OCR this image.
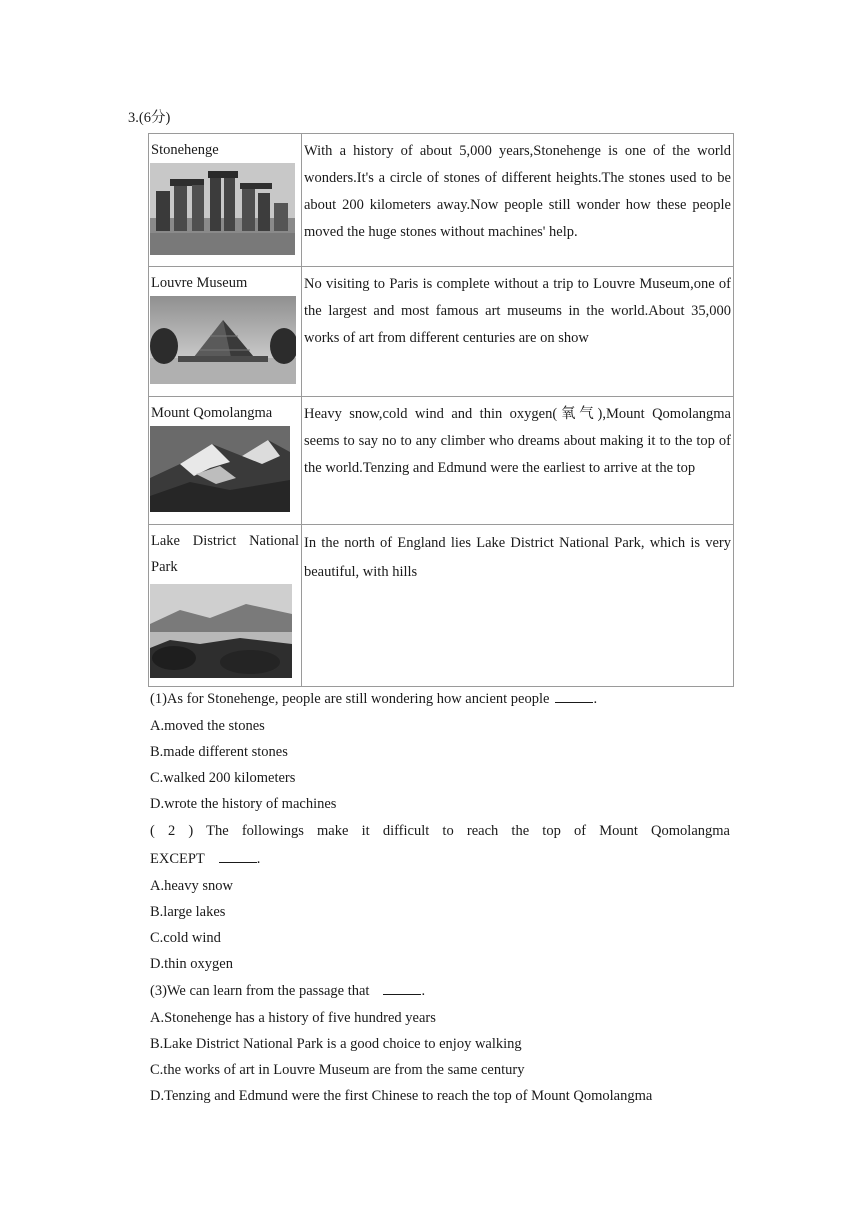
3.(6分)
Stonehenge	With a history of about 5,000 years,Stonehenge is one of the world wonders.It's a circle of stones of different heights.The stones used to be about 200 kilometers away.Now people still wonder how these people moved the huge stones without machines' help.

Louvre Museum	No visiting to Paris is complete without a trip to Louvre Museum,one of the largest and most famous art museums in the world.About 35,000 works of art from different centuries are on show

Mount Qomolangma	Heavy snow,cold wind and thin oxygen(氧气),Mount Qomolangma seems to say no to any climber who dreams about making it to the top of the world.Tenzing and Edmund were the earliest to arrive at the top

Lake District National Park	In the north of England lies Lake District National Park, which is very beautiful, with hills
(1)As for Stonehenge, people are still wondering how ancient people	.
A.moved the stones
B.made different stones
C.walked 200 kilometers
D.wrote the history of machines
( 2 ) The followings make it difficult to reach the top of Mount Qomolangma
EXCEPT	.
A.heavy snow
B.large lakes
C.cold wind
D.thin oxygen
(3)We can learn from the passage that	.
A.Stonehenge has a history of five hundred years
B.Lake District National Park is a good choice to enjoy walking
C.the works of art in Louvre Museum are from the same century
D.Tenzing and Edmund were the first Chinese to reach the top of Mount Qomolangma
